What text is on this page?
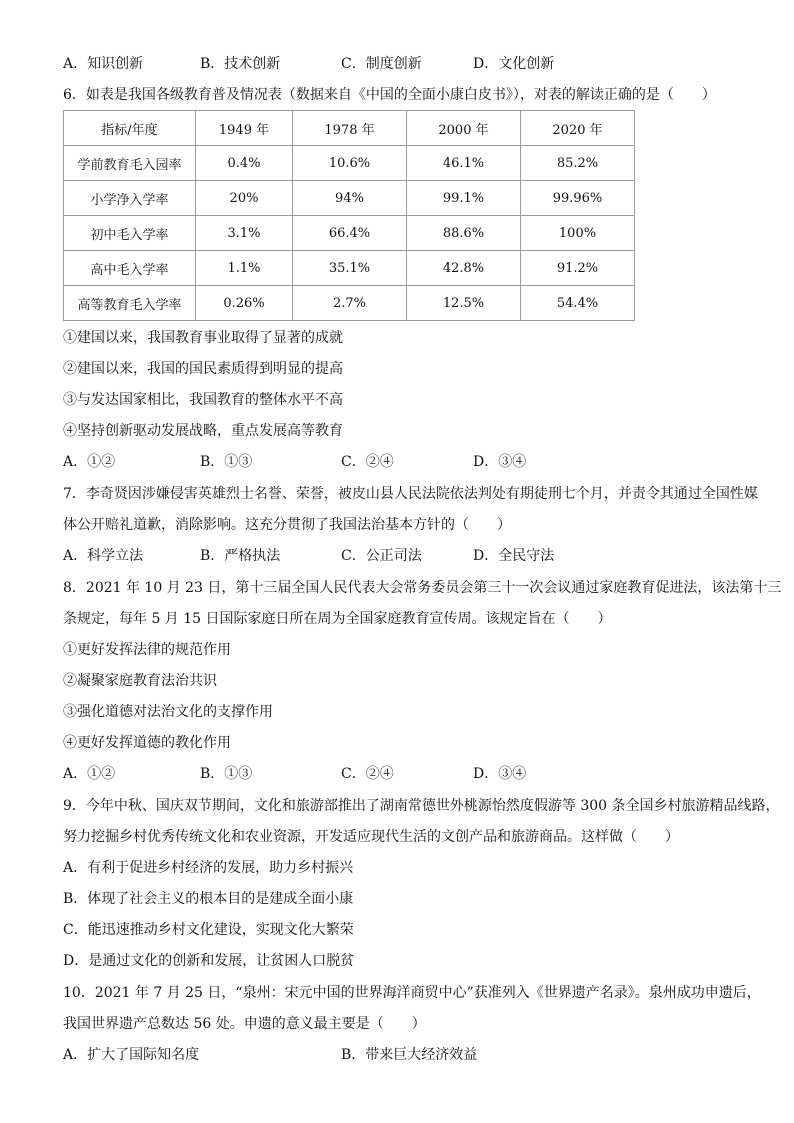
A．知识创新	B．技术创新	C．制度创新	D．文化创新
6．如表是我国各级教育普及情况表（数据来自《中国的全面小康白皮书》），对表的解读正确的是（　　）
指标/年度	1949 年	1978 年	2000 年	2020 年
学前教育毛入园率	0.4%	10.6%	46.1%	85.2%
小学净入学率	20%	94%	99.1%	99.96%
初中毛入学率	3.1%	66.4%	88.6%	100%
高中毛入学率	1.1%	35.1%	42.8%	91.2%
高等教育毛入学率	0.26%	2.7%	12.5%	54.4%
①建国以来，我国教育事业取得了显著的成就
②建国以来，我国的国民素质得到明显的提高
③与发达国家相比，我国教育的整体水平不高
④坚持创新驱动发展战略，重点发展高等教育
A．①②	B．①③	C．②④	D．③④
7．李奇贤因涉嫌侵害英雄烈士名誉、荣誉，被皮山县人民法院依法判处有期徒刑七个月，并责令其通过全国性媒
体公开赔礼道歉，消除影响。这充分贯彻了我国法治基本方针的（　　）
A．科学立法	B．严格执法	C．公正司法	D．全民守法
8．2021 年 10 月 23 日，第十三届全国人民代表大会常务委员会第三十一次会议通过家庭教育促进法，该法第十三
条规定，每年 5 月 15 日国际家庭日所在周为全国家庭教育宣传周。该规定旨在（　　）
①更好发挥法律的规范作用
②凝聚家庭教育法治共识
③强化道德对法治文化的支撑作用
④更好发挥道德的教化作用
A．①②	B．①③	C．②④	D．③④
9．今年中秋、国庆双节期间，文化和旅游部推出了湖南常德世外桃源怡然度假游等 300 条全国乡村旅游精品线路，
努力挖掘乡村优秀传统文化和农业资源，开发适应现代生活的文创产品和旅游商品。这样做（　　）
A．有利于促进乡村经济的发展，助力乡村振兴
B．体现了社会主义的根本目的是建成全面小康
C．能迅速推动乡村文化建设，实现文化大繁荣
D．是通过文化的创新和发展，让贫困人口脱贫
10．2021 年 7 月 25 日，“泉州：宋元中国的世界海洋商贸中心”获准列入《世界遗产名录》。泉州成功申遗后，
我国世界遗产总数达 56 处。申遗的意义最主要是（　　）
A．扩大了国际知名度	B．带来巨大经济效益
